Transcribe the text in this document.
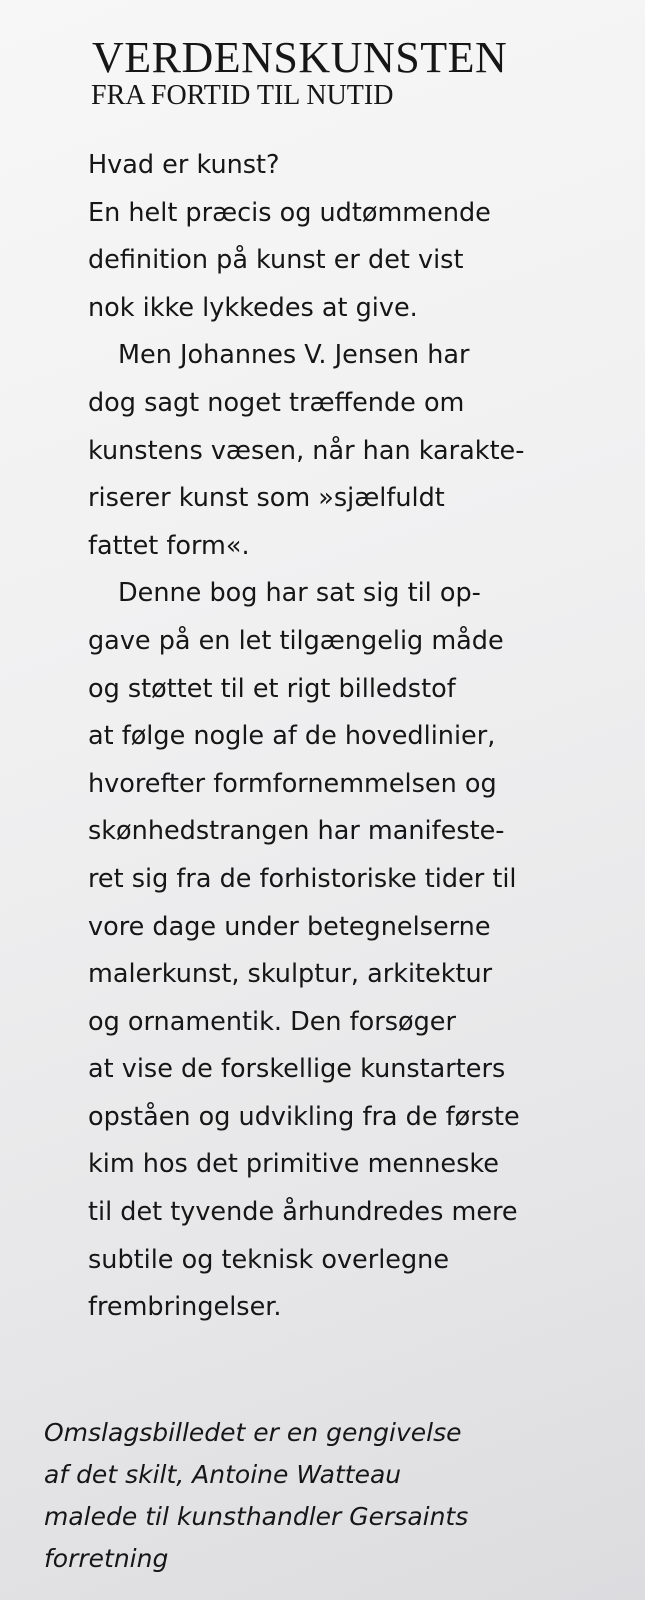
VERDENSKUNSTEN
FRA FORTID TIL NUTID
Hvad er kunst?
En helt præcis og udtømmende
definition på kunst er det vist
nok ikke lykkedes at give.
Men Johannes V. Jensen har
dog sagt noget træffende om
kunstens væsen, når han karakte-
riserer kunst som »sjælfuldt
fattet form«.
Denne bog har sat sig til op-
gave på en let tilgængelig måde
og støttet til et rigt billedstof
at følge nogle af de hovedlinier,
hvorefter formfornemmelsen og
skønhedstrangen har manifeste-
ret sig fra de forhistoriske tider til
vore dage under betegnelserne
malerkunst, skulptur, arkitektur
og ornamentik. Den forsøger
at vise de forskellige kunstarters
opståen og udvikling fra de første
kim hos det primitive menneske
til det tyvende århundredes mere
subtile og teknisk overlegne
frembringelser.
Omslagsbilledet er en gengivelse
af det skilt, Antoine Watteau
malede til kunsthandler Gersaints
forretning
